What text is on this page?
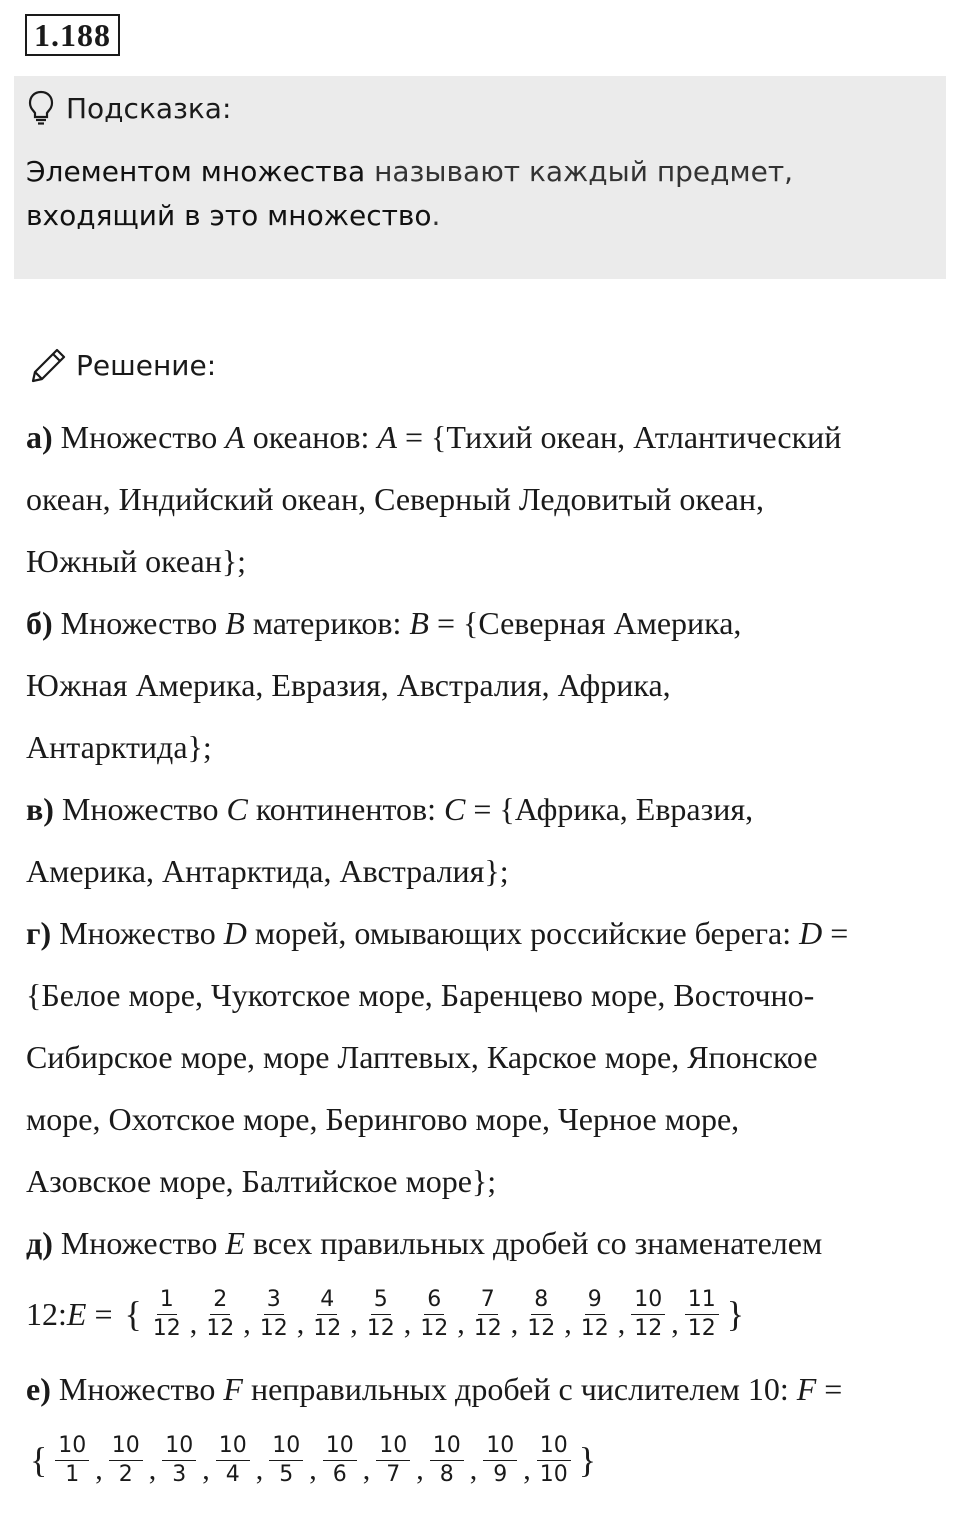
1.188
Подсказка:
Элементом множества называют каждый предмет,
входящий в это множество.
Решение:

а) Множество A океанов: A = {Тихий океан, Атлантический
океан, Индийский океан, Северный Ледовитый океан,
Южный океан};

б) Множество B материков: B = {Северная Америка,
Южная Америка, Евразия, Австралия, Африка,
Антарктида};

в) Множество C континентов: C = {Африка, Евразия,
Америка, Антарктида, Австралия};

г) Множество D морей, омывающих российские берега: D =
{Белое море, Чукотское море, Баренцево море, Восточно-
Сибирское море, море Лаптевых, Карское море, Японское
море, Охотское море, Берингово море, Черное море,
Азовское море, Балтийское море};

д) Множество E всех правильных дробей со знаменателем

12: E = { $\frac{1}{12}$ , $\frac{2}{12}$ , $\frac{3}{12}$ , $\frac{4}{12}$ , $\frac{5}{12}$ , $\frac{6}{12}$ , $\frac{7}{12}$ , $\frac{8}{12}$ , $\frac{9}{12}$ , $\frac{10}{12}$ , $\frac{11}{12}$ }

е) Множество F неправильных дробей с числителем 10: F =

{ $\frac{10}{1}$ , $\frac{10}{2}$ , $\frac{10}{3}$ , $\frac{10}{4}$ , $\frac{10}{5}$ , $\frac{10}{6}$ , $\frac{10}{7}$ , $\frac{10}{8}$ , $\frac{10}{9}$ , $\frac{10}{10}$ }
